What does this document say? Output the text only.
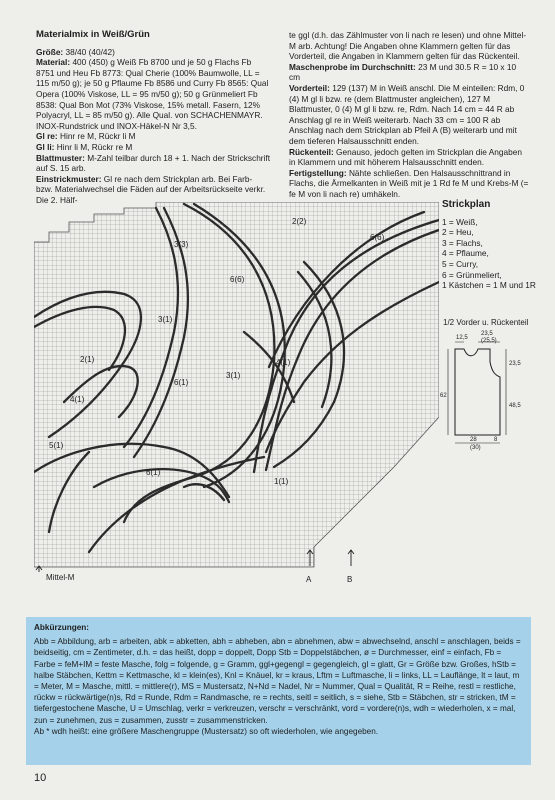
Materialmix in Weiß/Grün

Größe: 38/40 (40/42)

Material: 400 (450) g Weiß Fb 8700 und je 50 g Flachs Fb 8751 und Heu Fb 8773: Qual Cherie (100% Baumwolle, LL = 115 m/50 g); je 50 g Pflaume Fb 8586 und Curry Fb 8565: Qual Opera (100% Viskose, LL = 95 m/50 g); 50 g Grünmeliert Fb 8538: Qual Bon Mot (73% Viskose, 15% metall. Fasern, 12% Polyacryl, LL = 85 m/50 g). Alle Qual. von SCHACHENMAYR. INOX-Rundstrick und INOX-Häkel-N Nr 3,5.

Gl re: Hinr re M, Rückr li M

Gl li: Hinr li M, Rückr re M

Blattmuster: M-Zahl teilbar durch 18 + 1. Nach der Strickschrift auf S. 15 arb.

Einstrickmuster: Gl re nach dem Strickplan arb. Bei Farb- bzw. Materialwechsel die Fäden auf der Arbeitsrückseite verkr. Die 2. Hälf-

te ggl (d.h. das Zählmuster von li nach re lesen) und ohne Mittel-M arb. Achtung! Die Angaben ohne Klammern gelten für das Vorderteil, die Angaben in Klammern gelten für das Rückenteil.

Maschenprobe im Durchschnitt: 23 M und 30.5 R = 10 x 10 cm

Vorderteil: 129 (137) M in Weiß anschl. Die M einteilen: Rdm, 0 (4) M gl li bzw. re (dem Blattmuster angleichen), 127 M Blattmuster, 0 (4) M gl li bzw. re, Rdm. Nach 14 cm = 44 R ab Anschlag gl re in Weiß weiterarb. Nach 33 cm = 100 R ab Anschlag nach dem Strickplan ab Pfeil A (B) weiterarb und mit dem tieferen Halsausschnitt enden.

Rückenteil: Genauso, jedoch gelten im Strickplan die Angaben in Klammern und mit höherem Halsausschnitt enden.

Fertigstellung: Nähte schließen. Den Halsausschnittrand in Flachs, die Ärmelkanten in Weiß mit je 1 Rd fe M und Krebs-M (= fe M von li nach re) umhäkeln.

2(2)
3(3)
6(6)
6(6)
3(1)
2(1)
4(1)
6(1)
3(1)
4(1)
5(1)
6(1)
1(1)
Mittel-M	A	B
Strickplan
1 = Weiß,
2 = Heu,
3 = Flachs,
4 = Pflaume,
5 = Curry,
6 = Grünmeliert,
1 Kästchen = 1 M und 1R
1/2 Vorder u. Rückenteil
12,5
23,5
(25,5)
23,5
62
48,5
28
(30)
8
Abkürzungen:
Abb = Abbildung, arb = arbeiten, abk = abketten, abh = abheben, abn = abnehmen, abw = abwechselnd, anschl = anschlagen, beids = beidseitig, cm = Zentimeter, d.h. = das heißt, dopp = doppelt, Dopp Stb = Doppelstäbchen, ø = Durchmesser, einf = einfach, Fb = Farbe = feM+IM = feste Masche, folg = folgende, g = Gramm, ggl+gegengl = gegengleich, gl = glatt, Gr = Größe bzw. Großes, hStb = halbe Stäbchen, Kettm = Kettmasche, kl = klein(es), Knl = Knäuel, kr = kraus, Lftm = Luftmasche, li = links, LL = Lauflänge, lt = laut, m = Meter, M = Masche, mittl. = mittlere(r), MS = Mustersatz, N+Nd = Nadel, Nr = Nummer, Qual = Qualität, R = Reihe, restl = restliche, rückw = rückwärtige(n)s, Rd = Runde, Rdm = Randmasche, re = rechts, seitl = seitlich, s = siehe, Stb = Stäbchen, str = stricken, tM = tiefergestochene Masche, U = Umschlag, verkr = verkreuzen, verschr = verschränkt, vord = vordere(n)s, wdh = wiederholen, x = mal, zun = zunehmen, zus = zusammen, zusstr = zusammenstricken.
Ab * wdh heißt: eine größere Maschengruppe (Mustersatz) so oft wiederholen, wie angegeben.
10
